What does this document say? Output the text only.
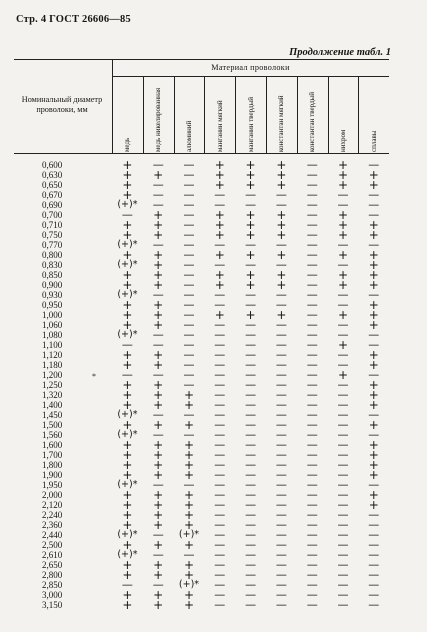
Стр. 4 ГОСТ 26606—85
Продолжение табл. 1
Материал проволоки
Номинальный диаметр проволоки, мм
медь	медь никелированная	алюминий	манганин мягкий	манганин твердый	константан мягкий	константан твердый	нихром	сплавы
0,600	+	—	—	+	+	+	—	+	—
0,630	+	+	—	+	+	+	—	+	+
0,650	+	—	—	+	+	+	—	+	+
0,670	+	—	—	—	—	—	—	—	—
0,690	(+)*	—	—	—	—	—	—	—	—
0,700	—	+	—	+	+	+	—	+	—
0,710	+	+	—	+	+	+	—	+	+
0,750	+	+	—	+	+	+	—	+	+
0,770	(+)*	—	—	—	—	—	—	—	—
0,800	+	+	—	+	+	+	—	+	+
0,830	(+)*	+	—	—	—	—	—	—	+
0,850	+	+	—	+	+	+	—	+	+
0,900	+	+	—	+	+	+	—	+	+
0,930	(+)*	—	—	—	—	—	—	—	—
0,950	+	+	—	—	—	—	—	—	+
1,000	+	+	—	+	+	+	—	+	+
1,060	+	+	—	—	—	—	—	—	+
1,080	(+)*	—	—	—	—	—	—	—	—
1,100	—	—	—	—	—	—	—	+	—
1,120	+	+	—	—	—	—	—	—	+
1,180	+	+	—	—	—	—	—	—	+
1,200	—	—	—	—	—	—	—	+	—
1,250	+	+	—	—	—	—	—	—	+
1,320	+	+	+	—	—	—	—	—	+
1,400	+	+	+	—	—	—	—	—	+
1,450	(+)*	—	—	—	—	—	—	—	—
1,500	+	+	+	—	—	—	—	—	+
1,560	(+)*	—	—	—	—	—	—	—	—
1,600	+	+	+	—	—	—	—	—	+
1,700	+	+	+	—	—	—	—	—	+
1,800	+	+	+	—	—	—	—	—	+
1,900	+	+	+	—	—	—	—	—	+
1,950	(+)*	—	—	—	—	—	—	—	—
2,000	+	+	+	—	—	—	—	—	+
2,120	+	+	+	—	—	—	—	—	+
2,240	+	+	+	—	—	—	—	—	—
2,360	+	+	+	—	—	—	—	—	—
2,440	(+)*	—	(+)*	—	—	—	—	—	—
2,500	+	+	+	—	—	—	—	—	—
2,610	(+)*	—	—	—	—	—	—	—	—
2,650	+	+	+	—	—	—	—	—	—
2,800	+	+	+	—	—	—	—	—	—
2,850	—	—	(+)*	—	—	—	—	—	—
3,000	+	+	+	—	—	—	—	—	—
3,150	+	+	+	—	—	—	—	—	—
*
